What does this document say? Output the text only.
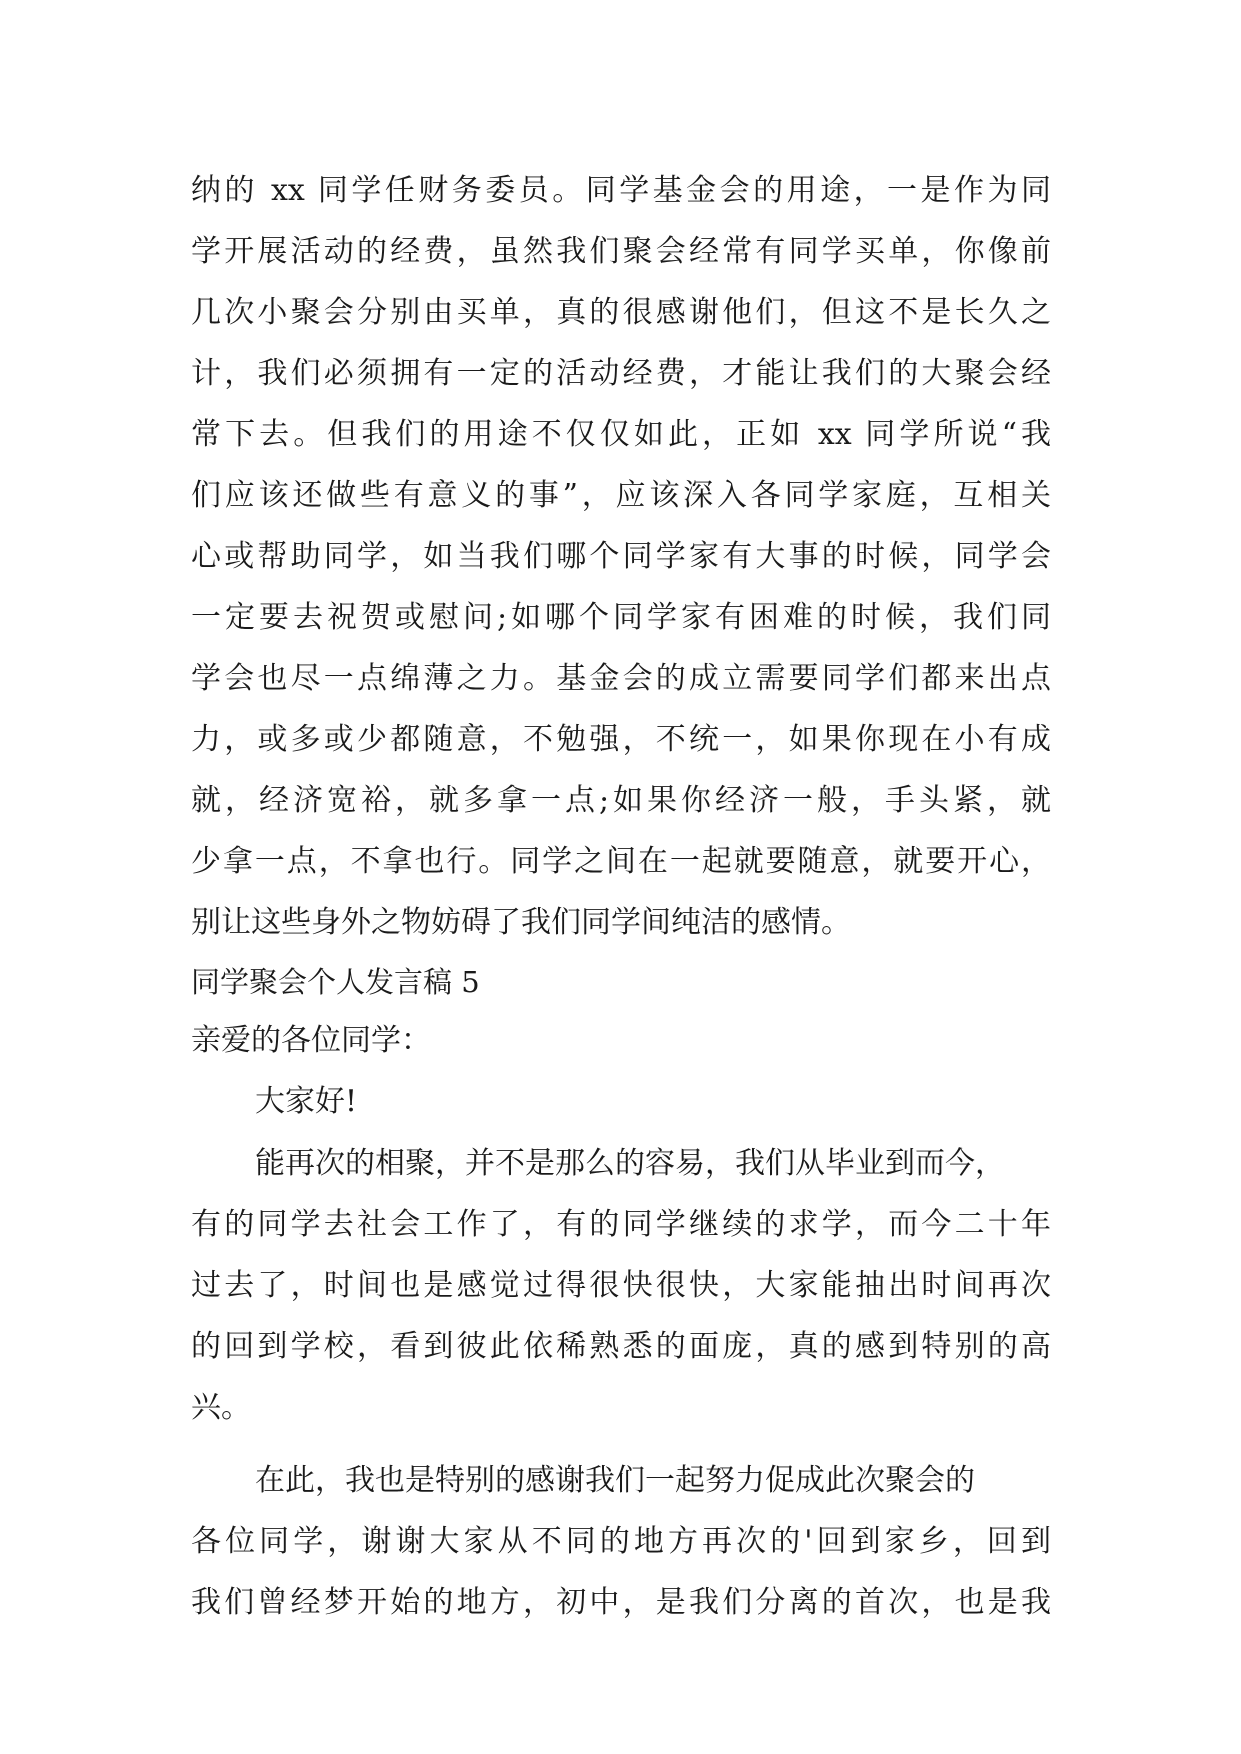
纳的 xx 同学任财务委员。同学基金会的用途，一是作为同
学开展活动的经费，虽然我们聚会经常有同学买单，你像前
几次小聚会分别由买单，真的很感谢他们，但这不是长久之
计，我们必须拥有一定的活动经费，才能让我们的大聚会经
常下去。但我们的用途不仅仅如此，正如 xx 同学所说“我
们应该还做些有意义的事”，应该深入各同学家庭，互相关
心或帮助同学，如当我们哪个同学家有大事的时候，同学会
一定要去祝贺或慰问;如哪个同学家有困难的时候，我们同
学会也尽一点绵薄之力。基金会的成立需要同学们都来出点
力，或多或少都随意，不勉强，不统一，如果你现在小有成
就，经济宽裕，就多拿一点;如果你经济一般，手头紧，就
少拿一点，不拿也行。同学之间在一起就要随意，就要开心，
别让这些身外之物妨碍了我们同学间纯洁的感情。
同学聚会个人发言稿 5
亲爱的各位同学：
大家好!
能再次的相聚，并不是那么的容易，我们从毕业到而今，
有的同学去社会工作了，有的同学继续的求学，而今二十年
过去了，时间也是感觉过得很快很快，大家能抽出时间再次
的回到学校，看到彼此依稀熟悉的面庞，真的感到特别的高
兴。
在此，我也是特别的感谢我们一起努力促成此次聚会的
各位同学，谢谢大家从不同的地方再次的'回到家乡，回到
我们曾经梦开始的地方，初中，是我们分离的首次，也是我
